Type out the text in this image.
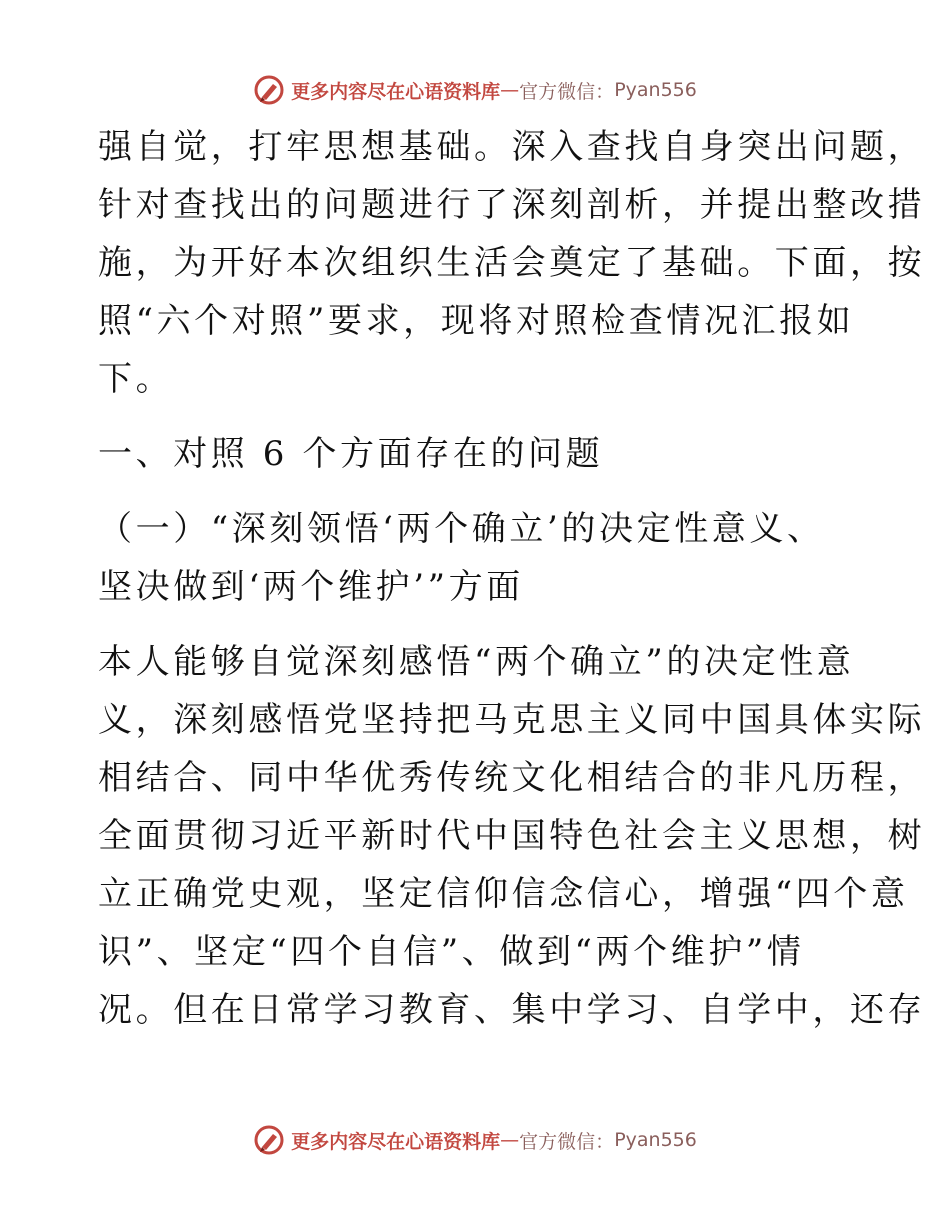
更多内容尽在心语资料库 — 官方微信： Pyan556
强自觉，打牢思想基础。深入查找自身突出问题，
针对查找出的问题进行了深刻剖析，并提出整改措
施，为开好本次组织生活会奠定了基础。下面，按
照“六个对照”要求，现将对照检查情况汇报如
下。
一、对照 6 个方面存在的问题
（一）“深刻领悟‘两个确立’的决定性意义、
坚决做到‘两个维护’”方面
本人能够自觉深刻感悟“两个确立”的决定性意
义，深刻感悟党坚持把马克思主义同中国具体实际
相结合、同中华优秀传统文化相结合的非凡历程，
全面贯彻习近平新时代中国特色社会主义思想，树
立正确党史观，坚定信仰信念信心，增强“四个意
识”、坚定“四个自信”、做到“两个维护”情
况。但在日常学习教育、集中学习、自学中，还存
更多内容尽在心语资料库 — 官方微信： Pyan556
